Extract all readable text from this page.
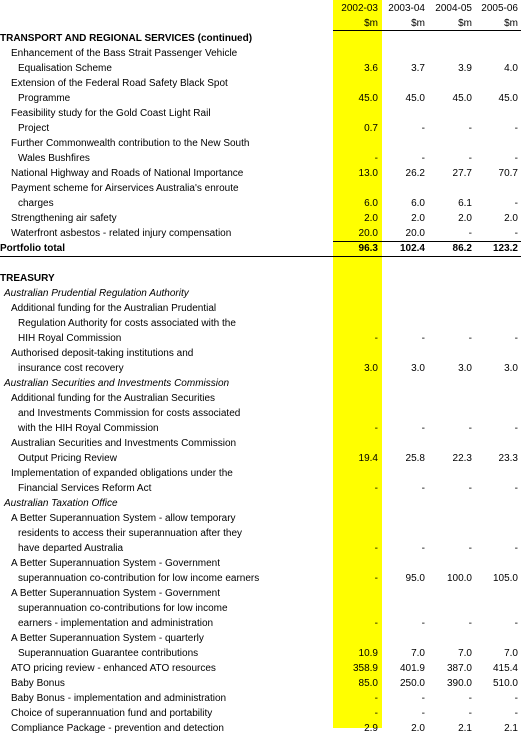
2002-03	2003-04	2004-05 2005-06
$m	$m	$m	$m
TRANSPORT AND REGIONAL SERVICES (continued)
Enhancement of the Bass Strait Passenger Vehicle
Equalisation Scheme	3.6	3.7	3.9	4.0
Extension of the Federal Road Safety Black Spot
Programme	45.0	45.0	45.0	45.0
Feasibility study for the Gold Coast Light Rail
Project	0.7	-	-	-
Further Commonwealth contribution to the New South
Wales Bushfires	-	-	-	-
National Highway and Roads of National Importance	13.0	26.2	27.7	70.7
Payment scheme for Airservices Australia's enroute
charges	6.0	6.0	6.1	-
Strengthening air safety	2.0	2.0	2.0	2.0
Waterfront asbestos - related injury compensation	20.0	20.0	-	-
Portfolio total	96.3	102.4	86.2	123.2
TREASURY
Australian Prudential Regulation Authority
Additional funding for the Australian Prudential
Regulation Authority for costs associated with the
HIH Royal Commission	-	-	-	-
Authorised deposit-taking institutions and
insurance cost recovery	3.0	3.0	3.0	3.0
Australian Securities and Investments Commission
Additional funding for the Australian Securities
and Investments Commission for costs associated
with the HIH Royal Commission	-	-	-	-
Australian Securities and Investments Commission
Output Pricing Review	19.4	25.8	22.3	23.3
Implementation of expanded obligations under the
Financial Services Reform Act	-	-	-	-
Australian Taxation Office
A Better Superannuation System - allow temporary
residents to access their superannuation after they
have departed Australia	-	-	-	-
A Better Superannuation System - Government
superannuation co-contribution for low income earners	-	95.0	100.0	105.0
A Better Superannuation System - Government
superannuation co-contributions for low income
earners - implementation and administration	-	-	-	-
A Better Superannuation System - quarterly
Superannuation Guarantee contributions	10.9	7.0	7.0	7.0
ATO pricing review - enhanced ATO resources	358.9	401.9	387.0	415.4
Baby Bonus	85.0	250.0	390.0	510.0
Baby Bonus - implementation and administration	-	-	-	-
Choice of superannuation fund and portability	-	-	-	-
Compliance Package - prevention and detection	2.9	2.0	2.1	2.1
